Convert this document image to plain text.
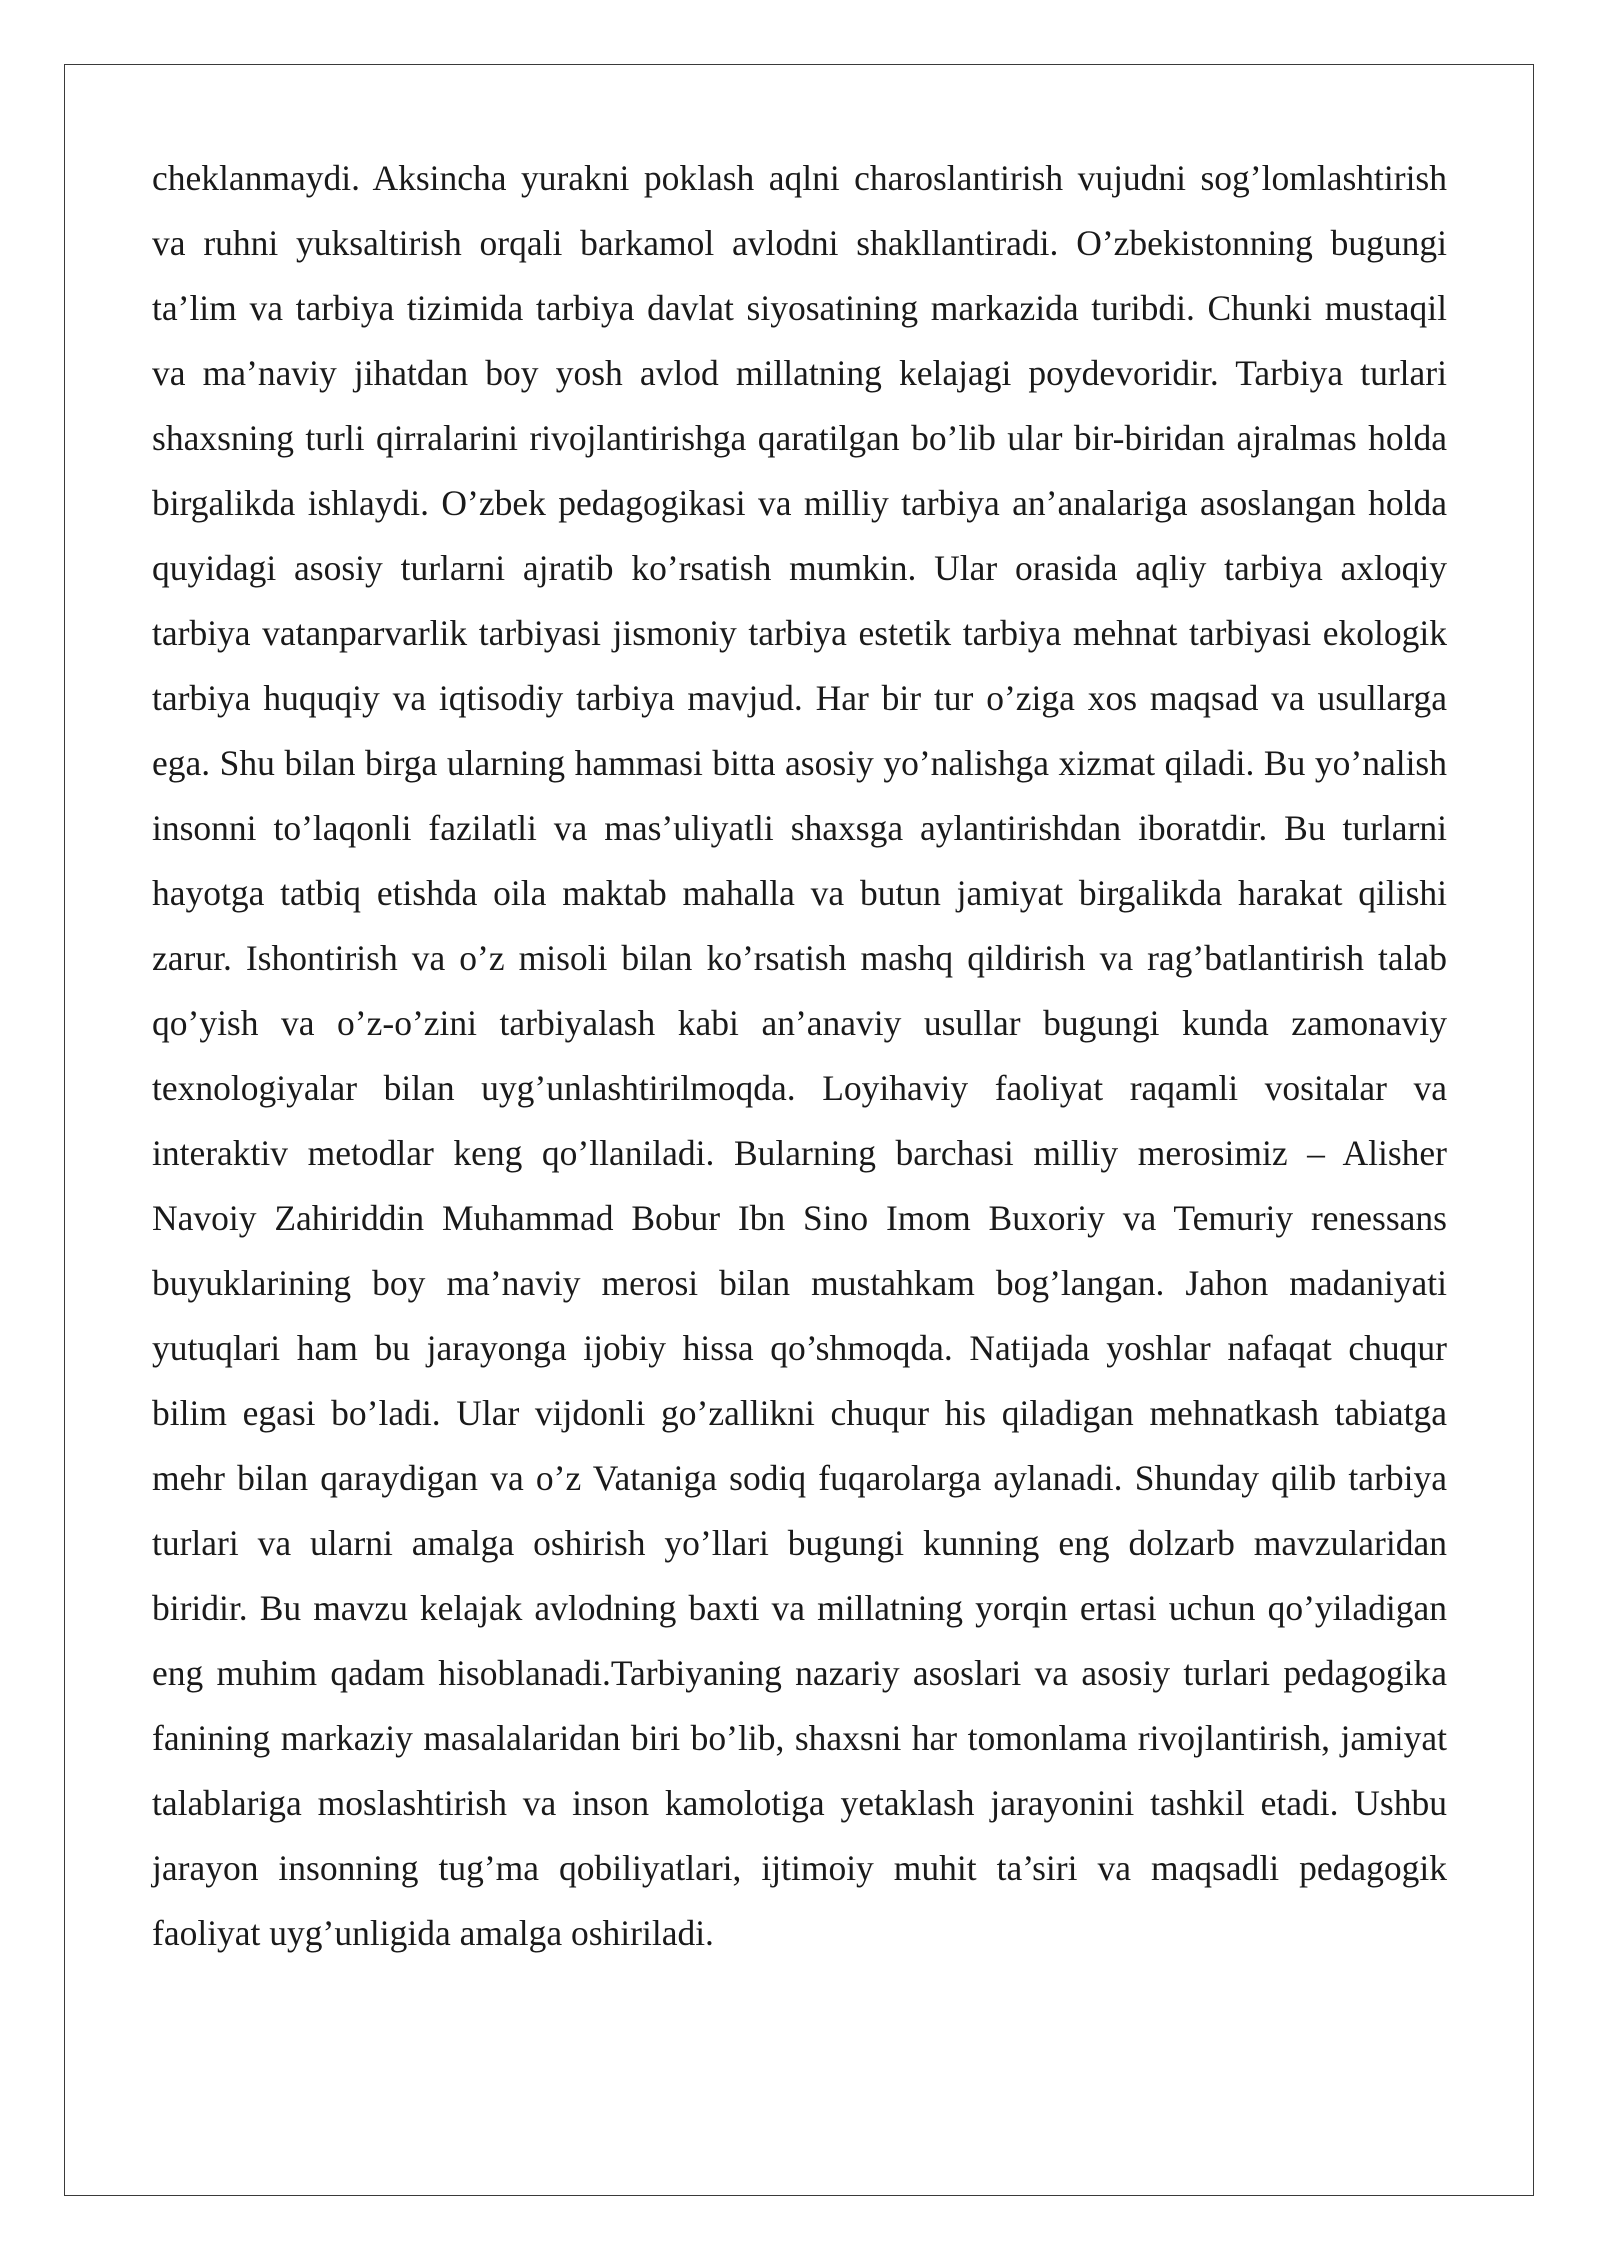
cheklanmaydi. Aksincha yurakni poklash aqlni charoslantirish vujudni sog’lomlashtirish va ruhni yuksaltirish orqali barkamol avlodni shakllantiradi. O’zbekistonning bugungi ta’lim va tarbiya tizimida tarbiya davlat siyosatining markazida turibdi. Chunki mustaqil va ma’naviy jihatdan boy yosh avlod millatning kelajagi poydevoridir. Tarbiya turlari shaxsning turli qirralarini rivojlantirishga qaratilgan bo’lib ular bir-biridan ajralmas holda birgalikda ishlaydi. O’zbek pedagogikasi va milliy tarbiya an’analariga asoslangan holda quyidagi asosiy turlarni ajratib ko’rsatish mumkin. Ular orasida aqliy tarbiya axloqiy tarbiya vatanparvarlik tarbiyasi jismoniy tarbiya estetik tarbiya mehnat tarbiyasi ekologik tarbiya huquqiy va iqtisodiy tarbiya mavjud. Har bir tur o’ziga xos maqsad va usullarga ega. Shu bilan birga ularning hammasi bitta asosiy yo’nalishga xizmat qiladi. Bu yo’nalish insonni to’laqonli fazilatli va mas’uliyatli shaxsga aylantirishdan iboratdir. Bu turlarni hayotga tatbiq etishda oila maktab mahalla va butun jamiyat birgalikda harakat qilishi zarur. Ishontirish va o’z misoli bilan ko’rsatish mashq qildirish va rag’batlantirish talab qo’yish va o’z-o’zini tarbiyalash kabi an’anaviy usullar bugungi kunda zamonaviy texnologiyalar bilan uyg’unlashtirilmoqda. Loyihaviy faoliyat raqamli vositalar va interaktiv metodlar keng qo’llaniladi. Bularning barchasi milliy merosimiz – Alisher Navoiy Zahiriddin Muhammad Bobur Ibn Sino Imom Buxoriy va Temuriy renessans buyuklarining boy ma’naviy merosi bilan mustahkam bog’langan. Jahon madaniyati yutuqlari ham bu jarayonga ijobiy hissa qo’shmoqda. Natijada yoshlar nafaqat chuqur bilim egasi bo’ladi. Ular vijdonli go’zallikni chuqur his qiladigan mehnatkash tabiatga mehr bilan qaraydigan va o’z Vataniga sodiq fuqarolarga aylanadi. Shunday qilib tarbiya turlari va ularni amalga oshirish yo’llari bugungi kunning eng dolzarb mavzularidan biridir. Bu mavzu kelajak avlodning baxti va millatning yorqin ertasi uchun qo’yiladigan eng muhim qadam hisoblanadi.Tarbiyaning nazariy asoslari va asosiy turlari pedagogika fanining markaziy masalalaridan biri bo’lib, shaxsni har tomonlama rivojlantirish, jamiyat talablariga moslashtirish va inson kamolotiga yetaklash jarayonini tashkil etadi. Ushbu jarayon insonning tug’ma qobiliyatlari, ijtimoiy muhit ta’siri va maqsadli pedagogik faoliyat uyg’unligida amalga oshiriladi.
